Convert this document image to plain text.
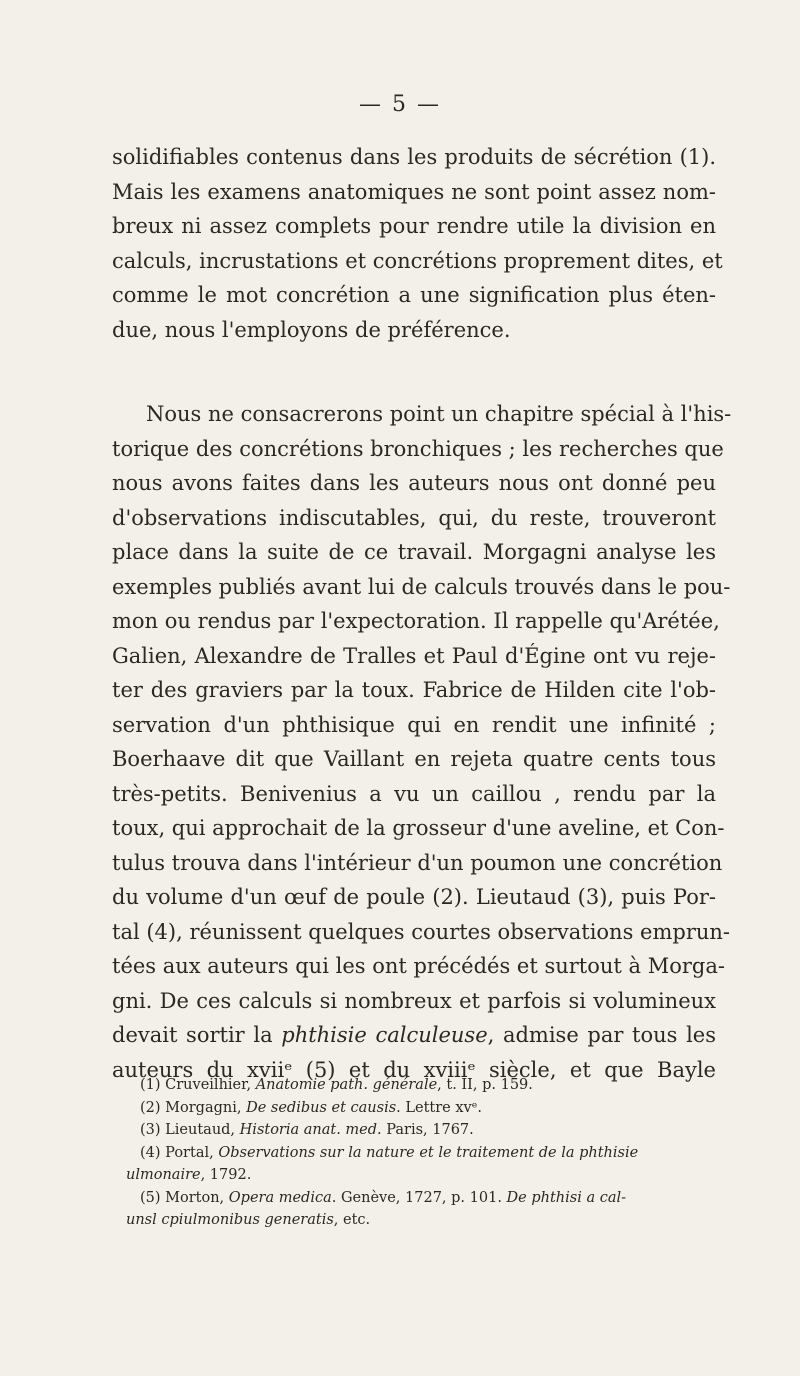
— 5 —
solidifiables contenus dans les produits de sécrétion (1).
Mais les examens anatomiques ne sont point assez nom-
breux ni assez complets pour rendre utile la division en
calculs, incrustations et concrétions proprement dites, et
comme le mot concrétion a une signification plus éten-
due, nous l'employons de préférence.
Nous ne consacrerons point un chapitre spécial à l'his-
torique des concrétions bronchiques ; les recherches que
nous avons faites dans les auteurs nous ont donné peu
d'observations indiscutables, qui, du reste, trouveront
place dans la suite de ce travail. Morgagni analyse les
exemples publiés avant lui de calculs trouvés dans le pou-
mon ou rendus par l'expectoration. Il rappelle qu'Arétée,
Galien, Alexandre de Tralles et Paul d'Égine ont vu reje-
ter des graviers par la toux. Fabrice de Hilden cite l'ob-
servation d'un phthisique qui en rendit une infinité ;
Boerhaave dit que Vaillant en rejeta quatre cents tous
très-petits. Benivenius a vu un caillou , rendu par la
toux, qui approchait de la grosseur d'une aveline, et Con-
tulus trouva dans l'intérieur d'un poumon une concrétion
du volume d'un œuf de poule (2). Lieutaud (3), puis Por-
tal (4), réunissent quelques courtes observations emprun-
tées aux auteurs qui les ont précédés et surtout à Morga-
gni. De ces calculs si nombreux et parfois si volumineux
devait sortir la phthisie calculeuse, admise par tous les
auteurs du xviiᵉ (5) et du xviiiᵉ siècle, et que Bayle
(1) Cruveilhier, Anatomie path. générale, t. II, p. 159.
(2) Morgagni, De sedibus et causis. Lettre xvᵉ.
(3) Lieutaud, Historia anat. med. Paris, 1767.
(4) Portal, Observations sur la nature et le traitement de la phthisie
ulmonaire, 1792.
(5) Morton, Opera medica. Genève, 1727, p. 101. De phthisi a cal-
unsl cpiulmonibus generatis, etc.
